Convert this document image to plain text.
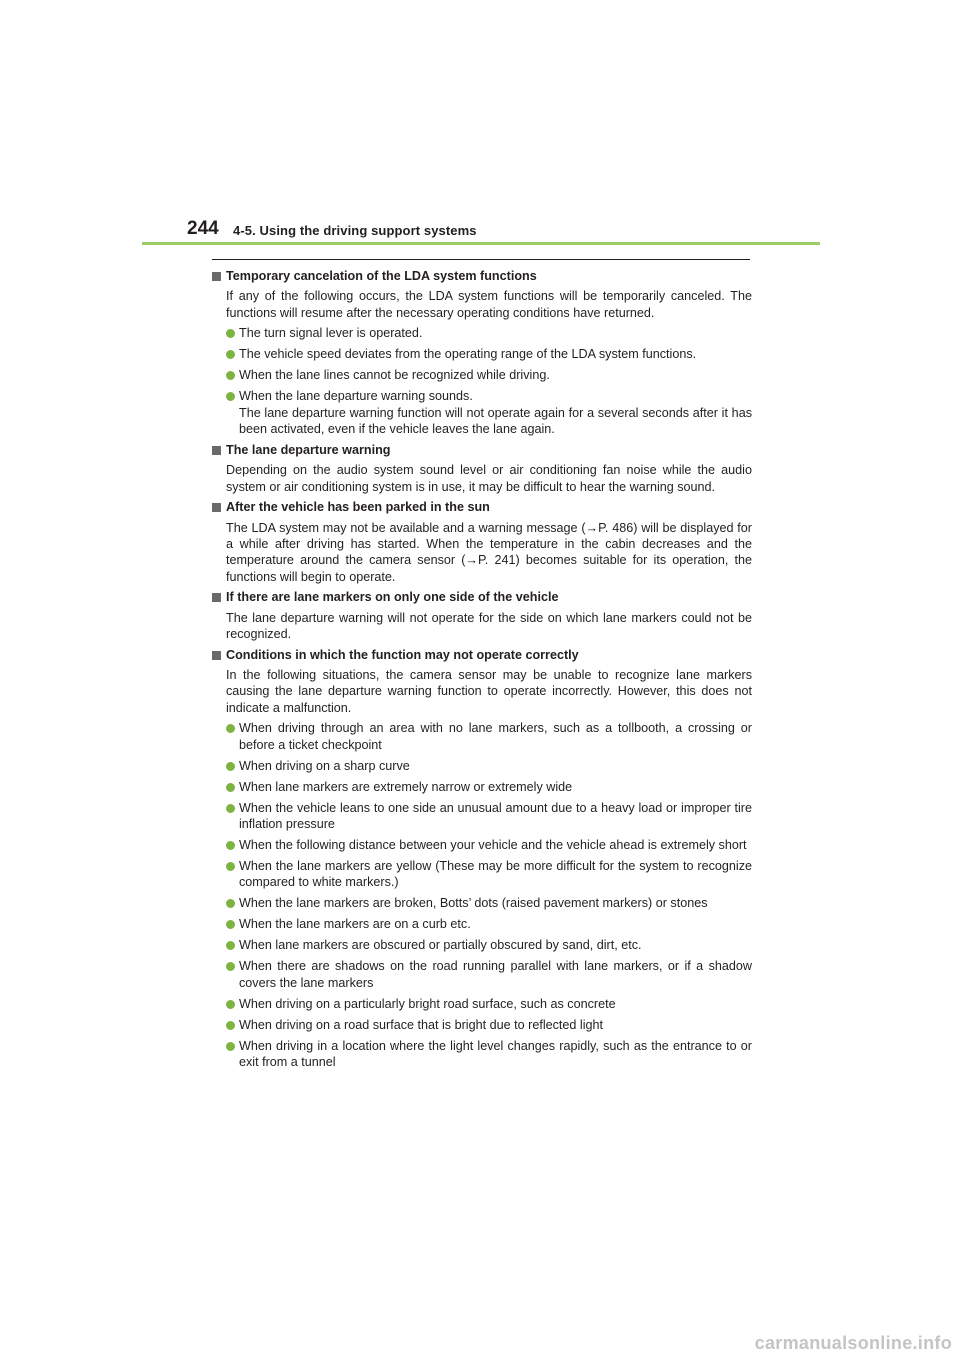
244 4-5. Using the driving support systems
Temporary cancelation of the LDA system functions
If any of the following occurs, the LDA system functions will be temporarily canceled. The functions will resume after the necessary operating conditions have returned.
The turn signal lever is operated.
The vehicle speed deviates from the operating range of the LDA system functions.
When the lane lines cannot be recognized while driving.
When the lane departure warning sounds.
The lane departure warning function will not operate again for a several seconds after it has been activated, even if the vehicle leaves the lane again.
The lane departure warning
Depending on the audio system sound level or air conditioning fan noise while the audio system or air conditioning system is in use, it may be difficult to hear the warning sound.
After the vehicle has been parked in the sun
The LDA system may not be available and a warning message (→P. 486) will be displayed for a while after driving has started. When the temperature in the cabin decreases and the temperature around the camera sensor (→P. 241) becomes suitable for its operation, the functions will begin to operate.
If there are lane markers on only one side of the vehicle
The lane departure warning will not operate for the side on which lane markers could not be recognized.
Conditions in which the function may not operate correctly
In the following situations, the camera sensor may be unable to recognize lane markers causing the lane departure warning function to operate incorrectly. However, this does not indicate a malfunction.
When driving through an area with no lane markers, such as a tollbooth, a crossing or before a ticket checkpoint
When driving on a sharp curve
When lane markers are extremely narrow or extremely wide
When the vehicle leans to one side an unusual amount due to a heavy load or improper tire inflation pressure
When the following distance between your vehicle and the vehicle ahead is extremely short
When the lane markers are yellow (These may be more difficult for the system to recognize compared to white markers.)
When the lane markers are broken, Botts’ dots (raised pavement markers) or stones
When the lane markers are on a curb etc.
When lane markers are obscured or partially obscured by sand, dirt, etc.
When there are shadows on the road running parallel with lane markers, or if a shadow covers the lane markers
When driving on a particularly bright road surface, such as concrete
When driving on a road surface that is bright due to reflected light
When driving in a location where the light level changes rapidly, such as the entrance to or exit from a tunnel
carmanualsonline.info
